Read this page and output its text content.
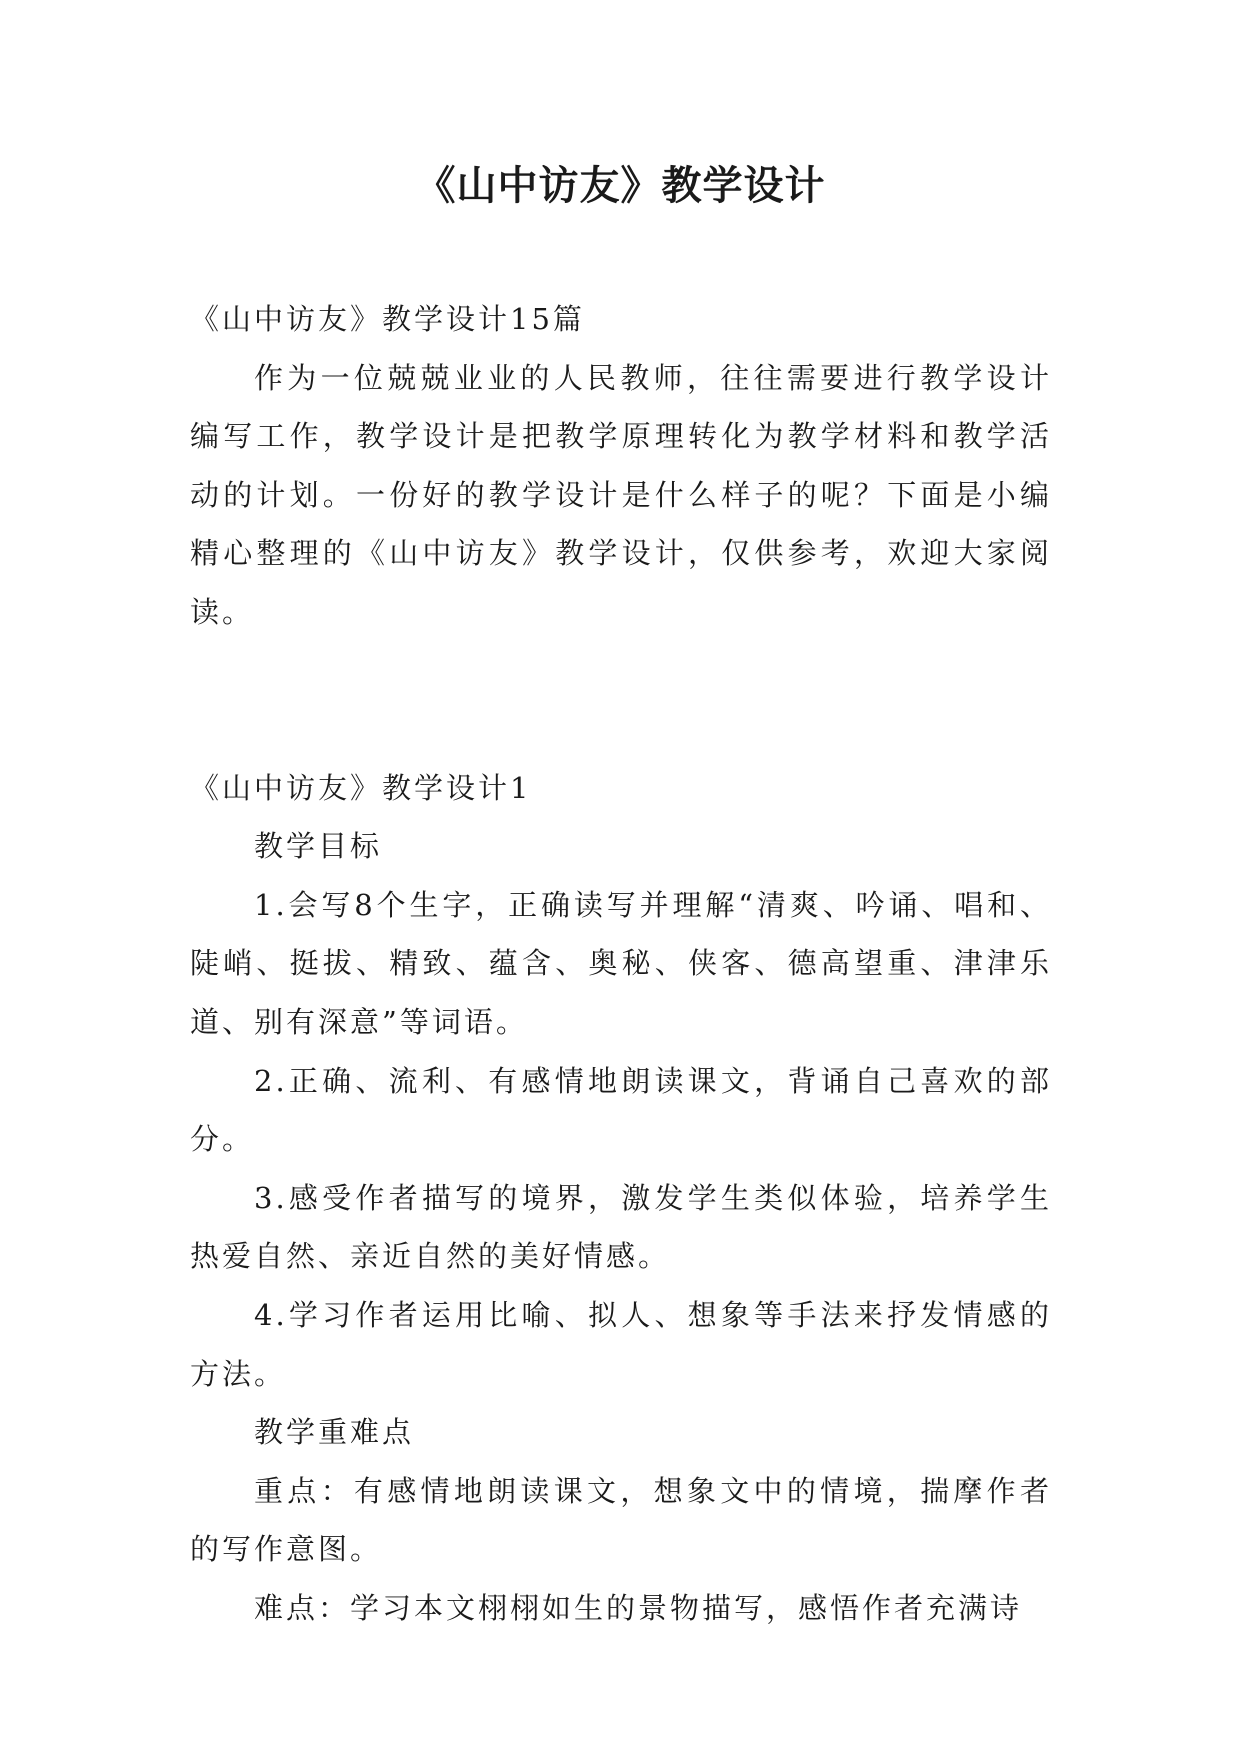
《山中访友》教学设计

《山中访友》教学设计15篇

作为一位兢兢业业的人民教师，往往需要进行教学设计编写工作，教学设计是把教学原理转化为教学材料和教学活动的计划。一份好的教学设计是什么样子的呢？下面是小编精心整理的《山中访友》教学设计，仅供参考，欢迎大家阅读。

《山中访友》教学设计1

教学目标

1.会写8个生字，正确读写并理解“清爽、吟诵、唱和、陡峭、挺拔、精致、蕴含、奥秘、侠客、德高望重、津津乐道、别有深意”等词语。

2.正确、流利、有感情地朗读课文，背诵自己喜欢的部分。

3.感受作者描写的境界，激发学生类似体验，培养学生热爱自然、亲近自然的美好情感。

4.学习作者运用比喻、拟人、想象等手法来抒发情感的方法。

教学重难点

重点：有感情地朗读课文，想象文中的情境，揣摩作者的写作意图。

难点：学习本文栩栩如生的景物描写，感悟作者充满诗
